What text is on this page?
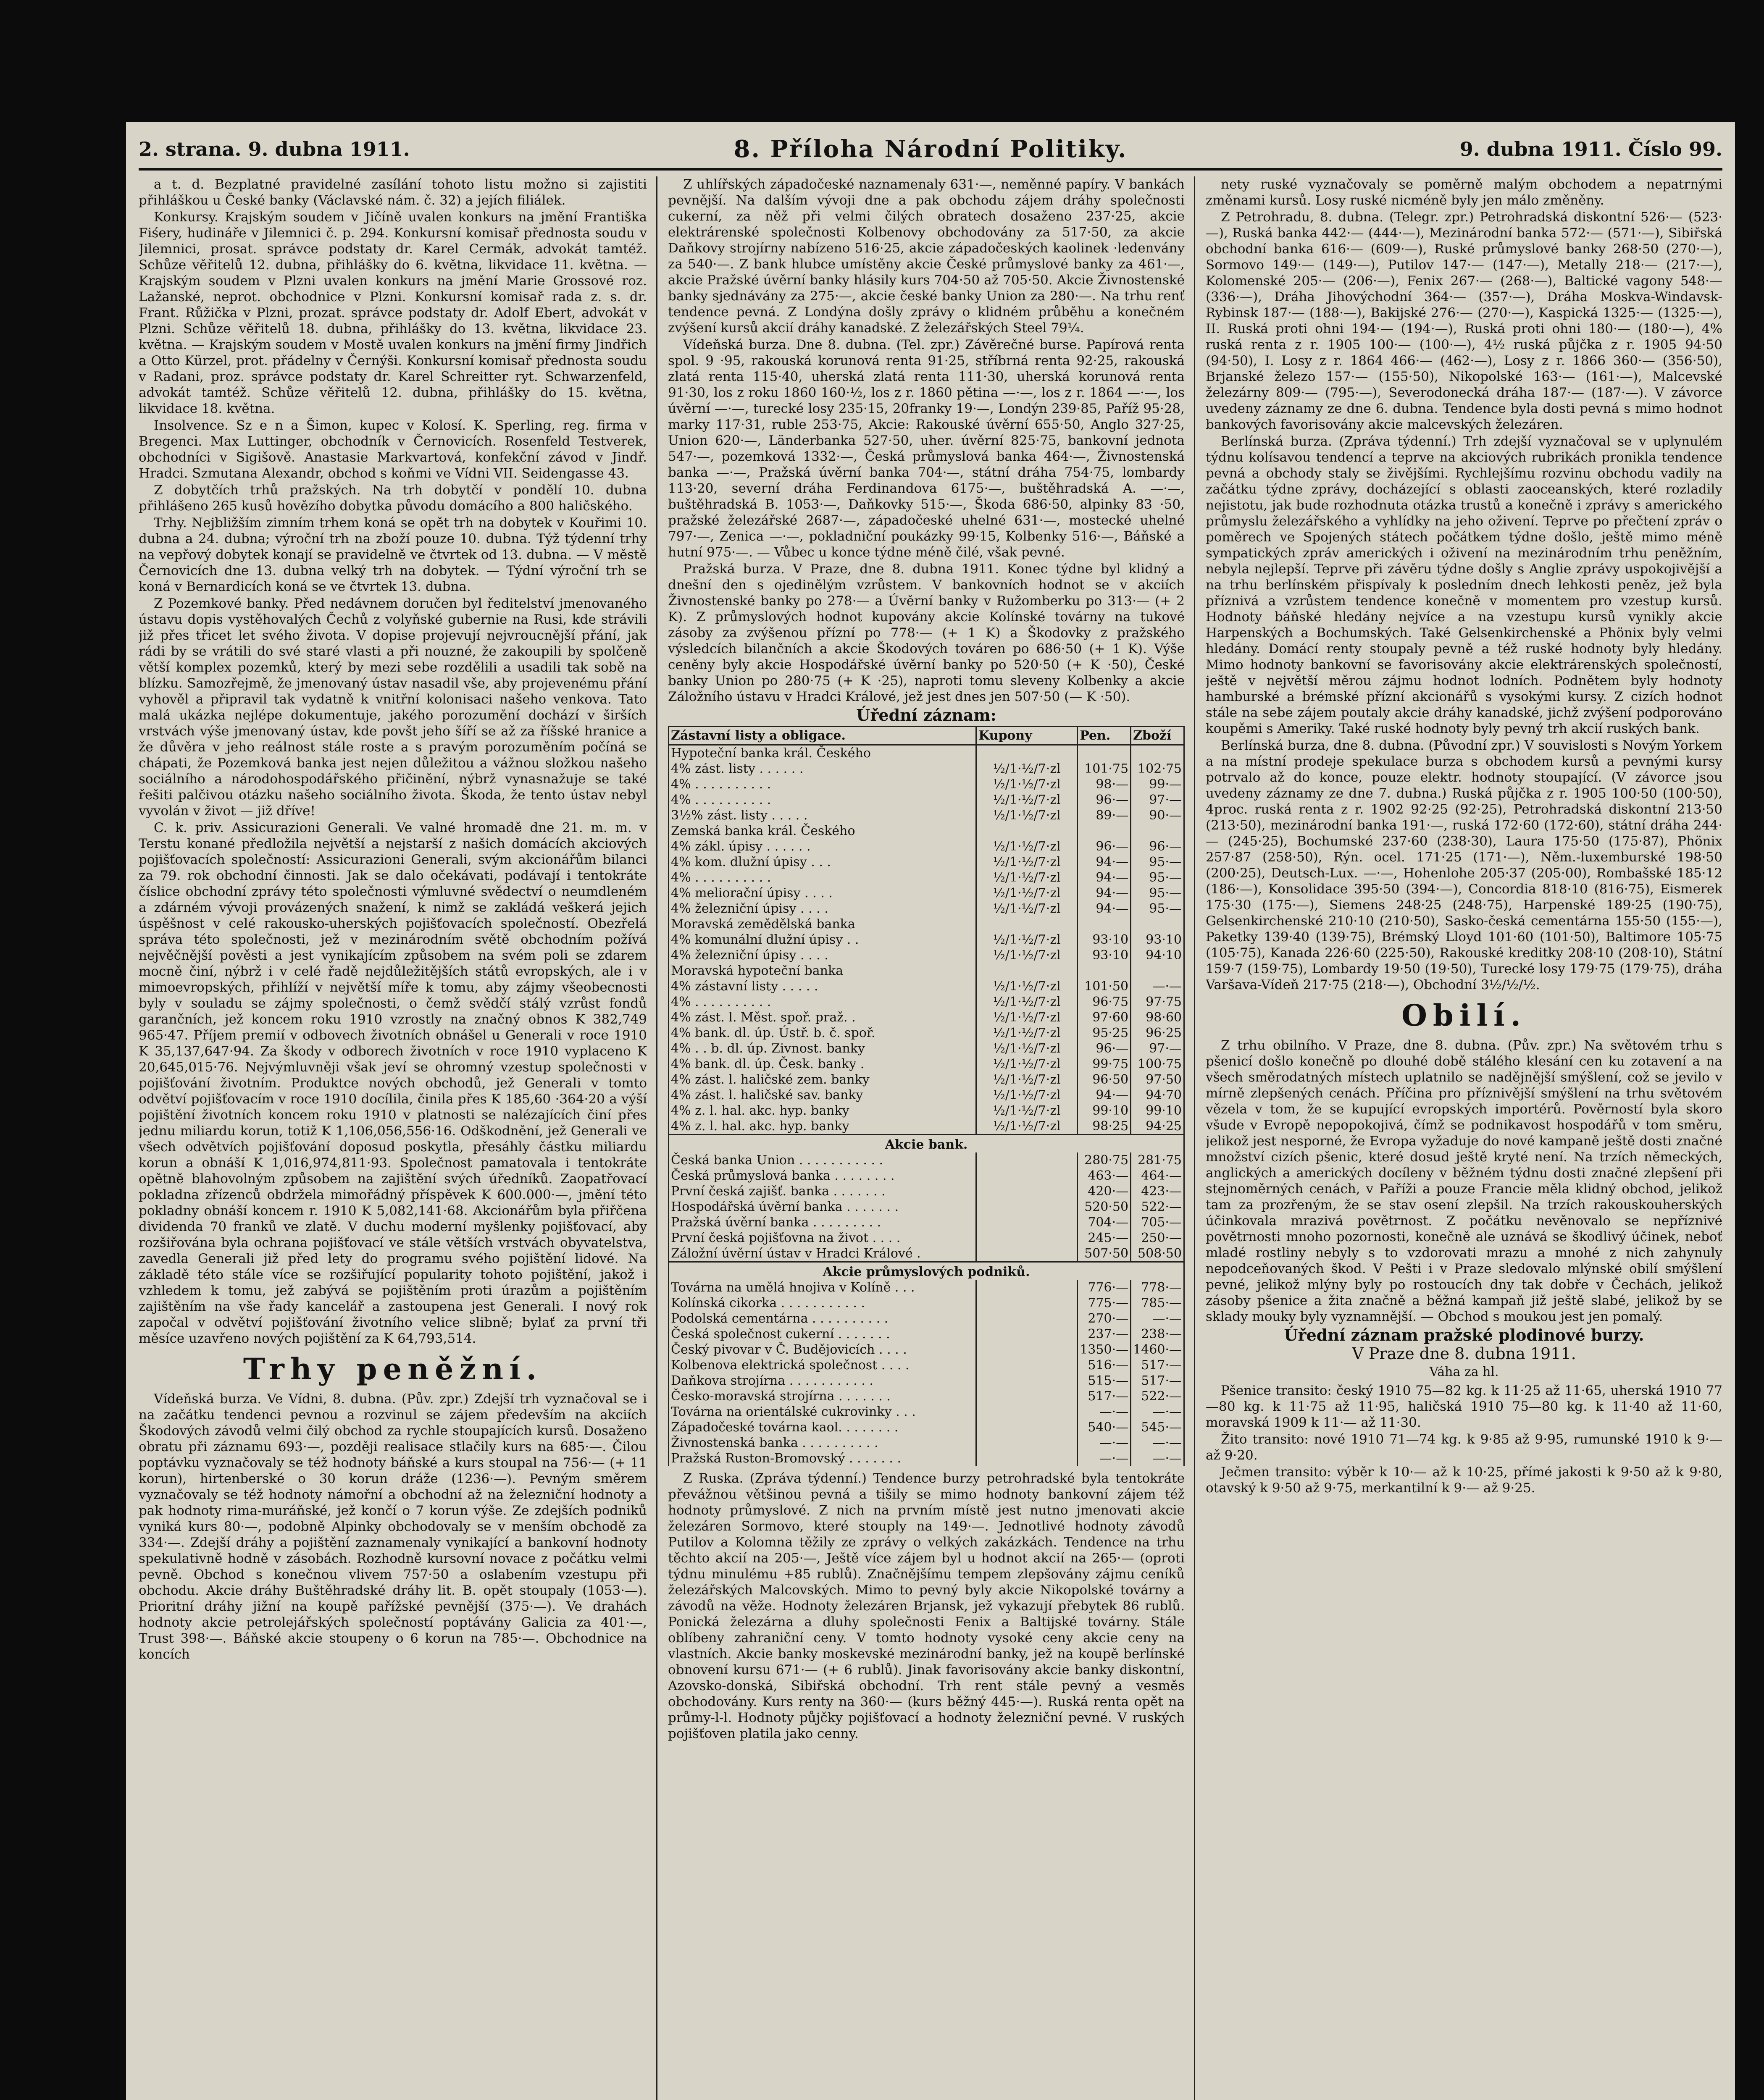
2. strana. 9. dubna 1911.	8. Příloha Národní Politiky.	9. dubna 1911. Číslo 99.

a t. d. Bezplatné pravidelné zasílání tohoto listu možno si zajistiti přihláškou u České banky (Václavské nám. č. 32) a jejích filiálek.

Konkursy. Krajským soudem v Jičíně uvalen konkurs na jmění Františka Fiśery, hudináře v Jilemnici č. p. 294. Konkursní komisař přednosta soudu v Jilemnici, prosat. správce podstaty dr. Karel Cermák, advokát tamtéž. Schůze věřitelů 12. dubna, přihlášky do 6. května, likvidace 11. května. — Krajským soudem v Plzni uvalen konkurs na jmění Marie Grossové roz. Lažanské, neprot. obchodnice v Plzni. Konkursní komisař rada z. s. dr. Frant. Růžička v Plzni, prozat. správce podstaty dr. Adolf Ebert, advokát v Plzni. Schůze věřitelů 18. dubna, přihlášky do 13. května, likvidace 23. května. — Krajským soudem v Mostě uvalen konkurs na jmění firmy Jindřich a Otto Kürzel, prot. přádelny v Černýši. Konkursní komisař přednosta soudu v Radani, proz. správce podstaty dr. Karel Schreitter ryt. Schwarzenfeld, advokát tamtéž. Schůze věřitelů 12. dubna, přihlášky do 15. května, likvidace 18. května.

Insolvence. Sz e n a Šimon, kupec v Kolosí. K. Sperling, reg. firma v Bregenci. Max Luttinger, obchodník v Černovicích. Rosenfeld Testverek, obchodníci v Sigišově. Anastasie Markvartová, konfekční závod v Jindř. Hradci. Szmutana Alexandr, obchod s koňmi ve Vídni VII. Seidengasse 43.

Z dobytčích trhů pražských. Na trh dobytčí v pondělí 10. dubna přihlášeno 265 kusů hovězího dobytka původu domácího a 800 haličského.

Trhy. Nejbližším zimním trhem koná se opět trh na dobytek v Kouřimi 10. dubna a 24. dubna; výroční trh na zboží pouze 10. dubna. Týž týdenní trhy na vepřový dobytek konají se pravidelně ve čtvrtek od 13. dubna. — V městě Černovicích dne 13. dubna velký trh na dobytek. — Týdní výroční trh se koná v Bernardicích koná se ve čtvrtek 13. dubna.

Z Pozemkové banky. Před nedávnem doručen byl ředitelství jmenovaného ústavu dopis vystěhovalých Čechů z volyňské gubernie na Rusi, kde strávili již přes třicet let svého života. V dopise projevují nejvroucnější přání, jak rádi by se vrátili do své staré vlasti a při nouzné, že zakoupili by spolčeně větší komplex pozemků, který by mezi sebe rozdělili a usadili tak sobě na blízku. Samozřejmě, že jmenovaný ústav nasadil vše, aby projevenému přání vyhověl a připravil tak vydatně k vnitřní kolonisaci našeho venkova. Tato malá ukázka nejlépe dokumentuje, jakého porozumění dochází v širších vrstvách výše jmenovaný ústav, kde povšt jeho šíří se až za říšské hranice a že důvěra v jeho reálnost stále roste a s pravým porozuměním počíná se chápati, že Pozemková banka jest nejen důležitou a vážnou složkou našeho sociálního a národohospodářského přičinění, nýbrž vynasnažuje se také řešiti palčivou otázku našeho sociálního života. Škoda, že tento ústav nebyl vyvolán v život — již dříve!

C. k. priv. Assicurazioni Generali. Ve valné hromadě dne 21. m. m. v Terstu konané předložila největší a nejstarší z našich domácích akciových pojišťovacích společností: Assicurazioni Generali, svým akcionářům bilanci za 79. rok obchodní činnosti. Jak se dalo očekávati, podávají i tentokráte číslice obchodní zprávy této společnosti výmluvné svědectví o neumdleném a zdárném vývoji provázených snažení, k nimž se zakládá veškerá jejich úspěšnost v celé rakousko-uherských pojišťovacích společností. Obezřelá správa této společnosti, jež v mezinárodním světě obchodním požívá nejvěčnější pověsti a jest vynikajícím způsobem na svém poli se zdarem mocně činí, nýbrž i v celé řadě nejdůležitějších států evropských, ale i v mimoevropských, přihlíží v největší míře k tomu, aby zájmy všeobecnosti byly v souladu se zájmy společnosti, o čemž svědčí stálý vzrůst fondů garančních, jež koncem roku 1910 vzrostly na značný obnos K 382,749 965·47. Příjem premií v odbovech životních obnášel u Generali v roce 1910 K 35,137,647·94. Za škody v odborech životních v roce 1910 vyplaceno K 20,645,015·76. Nejvýmluvněji však jeví se ohromný vzestup společnosti v pojišťování životním. Produktce nových obchodů, jež Generali v tomto odvětví pojišťovacím v roce 1910 docílila, činila přes K 185,60 ·364·20 a výší pojištění životních koncem roku 1910 v platnosti se nalézajících činí přes jednu miliardu korun, totiž K 1,106,056,556·16. Odškodnění, jež Generali ve všech odvětvích pojišťování doposud poskytla, přesáhly částku miliardu korun a obnáší K 1,016,974,811·93. Společnost pamatovala i tentokráte opětně blahovolným způsobem na zajištění svých úředníků. Zaopatřovací pokladna zřízenců obdržela mimořádný příspěvek K 600.000·—, jmění této pokladny obnáší koncem r. 1910 K 5,082,141·68. Akcionářům byla přiřčena dividenda 70 franků ve zlatě. V duchu moderní myšlenky pojišťovací, aby rozšiřována byla ochrana pojišťovací ve stále větších vrstvách obyvatelstva, zavedla Generali již před lety do programu svého pojištění lidové. Na základě této stále více se rozšiřující popularity tohoto pojištění, jakož i vzhledem k tomu, jež zabývá se pojištěním proti úrazům a pojištěním zajištěním na vše řady kancelář a zastoupena jest Generali. I nový rok započal v odvětví pojišťování životního velice slibně; bylať za první tři měsíce uzavřeno nových pojištění za K 64,793,514.

Trhy peněžní.

Vídeňská burza. Ve Vídni, 8. dubna. (Pův. zpr.) Zdejší trh vyznačoval se i na začátku tendenci pevnou a rozvinul se zájem především na akciích Škodových závodů velmi čilý obchod za rychle stoupajících kursů. Dosaženo obratu při záznamu 693·—, později realisace stlačily kurs na 685·—. Čilou poptávku vyznačovaly se též hodnoty báňské a kurs stoupal na 756·— (+ 11 korun), hirtenberské o 30 korun dráže (1236·—). Pevným směrem vyznačovaly se též hodnoty námořní a obchodní až na železniční hodnoty a pak hodnoty rima-muráňské, jež končí o 7 korun výše. Ze zdejších podniků vyniká kurs 80·—, podobně Alpinky obchodovaly se v menším obchodě za 334·—. Zdejší dráhy a pojištění zaznamenaly vynikající a bankovní hodnoty spekulativně hodně v zásobách. Rozhodně kursovní novace z počátku velmi pevně. Obchod s konečnou vlivem 757·50 a oslabením vzestupu při obchodu. Akcie dráhy Buštěhradské dráhy lit. B. opět stoupaly (1053·—). Prioritní dráhy jižní na koupě pařížské pevnější (375·—). Ve drahách hodnoty akcie petrolejářských společností poptávány Galicia za 401·—, Trust 398·—. Báňské akcie stoupeny o 6 korun na 785·—. Obchodnice na koncích

Z uhlířských západočeské naznamenaly 631·—, neměnné papíry. V bankách pevnější. Na dalším vývoji dne a pak obchodu zájem dráhy společnosti cukerní, za něž při velmi čilých obratech dosaženo 237·25, akcie elektrárenské společnosti Kolbenovy obchodovány za 517·50, za akcie Daňkovy strojírny nabízeno 516·25, akcie západočeských kaolinek ·ledenvány za 540·—. Z bank hlubce umístěny akcie České průmyslové banky za 461·—, akcie Pražské úvěrní banky hlásily kurs 704·50 až 705·50. Akcie Živnostenské banky sjednávány za 275·—, akcie české banky Union za 280·—. Na trhu renť tendence pevná. Z Londýna došly zprávy o klidném průběhu a konečném zvýšení kursů akcií dráhy kanadské. Z železářských Steel 79¼.

Vídeňská burza. Dne 8. dubna. (Tel. zpr.) Závěrečné burse. Papírová renta spol. 9 ·95, rakouská korunová renta 91·25, stříbrná renta 92·25, rakouská zlatá renta 115·40, uherská zlatá renta 111·30, uherská korunová renta 91·30, los z roku 1860 160·½, los z r. 1860 pětina —·—, los z r. 1864 —·—, los úvěrní —·—, turecké losy 235·15, 20franky 19·—, Londýn 239·85, Paříž 95·28, marky 117·31, ruble 253·75, Akcie: Rakouské úvěrní 655·50, Anglo 327·25, Union 620·—, Länderbanka 527·50, uher. úvěrní 825·75, bankovní jednota 547·—, pozemková 1332·—, Česká průmyslová banka 464·—, Živnostenská banka —·—, Pražská úvěrní banka 704·—, státní dráha 754·75, lombardy 113·20, severní dráha Ferdinandova 6175·—, buštěhradská A. —·—, buštěhradská B. 1053·—, Daňkovky 515·—, Škoda 686·50, alpinky 83 ·50, pražské železářské 2687·—, západočeské uhelné 631·—, mostecké uhelné 797·—, Zenica —·—, pokladniční poukázky 99·15, Kolbenky 516·—, Báňské a hutní 975·—. — Vůbec u konce týdne méně čilé, však pevné.

Pražská burza. V Praze, dne 8. dubna 1911. Konec týdne byl klidný a dnešní den s ojedinělým vzrůstem. V bankovních hodnot se v akciích Živnostenské banky po 278·— a Úvěrní banky v Ružomberku po 313·— (+ 2 K). Z průmyslových hodnot kupovány akcie Kolínské továrny na tukové zásoby za zvýšenou přízní po 778·— (+ 1 K) a Škodovky z pražského výsledcích bilančních a akcie Škodových továren po 686·50 (+ 1 K). Výše ceněny byly akcie Hospodářské úvěrní banky po 520·50 (+ K ·50), České banky Union po 280·75 (+ K ·25), naproti tomu sleveny Kolbenky a akcie Záložního ústavu v Hradci Králové, jež jest dnes jen 507·50 (— K ·50).

Úřední záznam:
Zástavní listy a obligace.	Kupony	Pen.	Zboží
Hypoteční banka král. Českého			
4% zást. listy . . . . . .	½/1·½/7·zl	101·75	102·75
4% . . . . . . . . . .	½/1·½/7·zl	98·—	99·—
4% . . . . . . . . . .	½/1·½/7·zl	96·—	97·—
3½% zást. listy . . . . .	½/1·½/7·zl	89·—	90·—
Zemská banka král. Českého			
4% zákl. úpisy . . . . . .	½/1·½/7·zl	96·—	96·—
4% kom. dlužní úpisy . . .	½/1·½/7·zl	94·—	95·—
4% . . . . . . . . . .	½/1·½/7·zl	94·—	95·—
4% meliorační úpisy . . . .	½/1·½/7·zl	94·—	95·—
4% železniční úpisy . . . .	½/1·½/7·zl	94·—	95·—
Moravská zemědělská banka			
4% komunální dlužní úpisy . .	½/1·½/7·zl	93·10	93·10
4% železniční úpisy . . . .	½/1·½/7·zl	93·10	94·10
Moravská hypoteční banka			
4% zástavní listy . . . . .	½/1·½/7·zl	101·50	—·—
4% . . . . . . . . . .	½/1·½/7·zl	96·75	97·75
4% zást. l. Měst. spoř. praž. .	½/1·½/7·zl	97·60	98·60
4% bank. dl. úp. Ústř. b. č. spoř.	½/1·½/7·zl	95·25	96·25
4% . . b. dl. úp. Zivnost. banky	½/1·½/7·zl	96·—	97·—
4% bank. dl. úp. Česk. banky .	½/1·½/7·zl	99·75	100·75
4% zást. l. haličské zem. banky	½/1·½/7·zl	96·50	97·50
4% zást. l. haličské sav. banky	½/1·½/7·zl	94·—	94·70
4% z. l. hal. akc. hyp. banky	½/1·½/7·zl	99·10	99·10
4% z. l. hal. akc. hyp. banky	½/1·½/7·zl	98·25	94·25
Akcie bank.			
Česká banka Union . . . . . . . . . . .		280·75	281·75
Česká průmyslová banka . . . . . . . .		463·—	464·—
První česká zajišť. banka . . . . . . .		420·—	423·—
Hospodářská úvěrní banka . . . . . . .		520·50	522·—
Pražská úvěrní banka . . . . . . . . .		704·—	705·—
První česká pojišťovna na život . . . .		245·—	250·—
Záložní úvěrní ústav v Hradci Králové .		507·50	508·50
Akcie průmyslových podniků.			
Továrna na umělá hnojiva v Kolíně . . .		776·—	778·—
Kolínská cikorka . . . . . . . . . . .		775·—	785·—
Podolská cementárna . . . . . . . . . .		270·—	—·—
Česká společnost cukerní . . . . . . .		237·—	238·—
Český pivovar v Č. Budějovicích . . . .		1350·—	1460·—
Kolbenova elektrická společnost . . . .		516·—	517·—
Daňkova strojírna . . . . . . . . . . .		515·—	517·—
Česko-moravská strojírna . . . . . . .		517·—	522·—
Továrna na orientálské cukrovinky . . .		—·—	—·—
Západočeské továrna kaol. . . . . . . .		540·—	545·—
Živnostenská banka . . . . . . . . . .		—·—	—·—
Pražská Ruston-Bromovský . . . . . . .		—·—	—·—

Z Ruska. (Zpráva týdenní.) Tendence burzy petrohradské byla tentokráte převážnou většinou pevná a tišily se mimo hodnoty bankovní zájem též hodnoty průmyslové. Z nich na prvním místě jest nutno jmenovati akcie železáren Sormovo, které stouply na 149·—. Jednotlivé hodnoty závodů Putilov a Kolomna těžily ze zprávy o velkých zakázkách. Tendence na trhu těchto akcií na 205·—, Ještě více zájem byl u hodnot akcií na 265·— (oproti týdnu minulému +85 rublů). Značnějšímu tempem zlepšovány zájmu ceníků železářských Malcovských. Mimo to pevný byly akcie Nikopolské továrny a závodů na věže. Hodnoty železáren Brjansk, jež vykazují přebytek 86 rublů. Ponická železárna a dluhy společnosti Fenix a Baltijské továrny. Stále oblíbeny zahraniční ceny. V tomto hodnoty vysoké ceny akcie ceny na vlastních. Akcie banky moskevské mezinárodní banky, jež na koupě berlínské obnovení kursu 671·— (+ 6 rublů). Jinak favorisovány akcie banky diskontní, Azovsko-donská, Sibiřská obchodní. Trh rent stále pevný a vesměs obchodovány. Kurs renty na 360·— (kurs běžný 445·—). Ruská renta opět na průmy-l-l. Hodnoty půjčky pojišťovací a hodnoty železniční pevné. V ruských pojišťoven platila jako cenny.

nety ruské vyznačovaly se poměrně malým obchodem a nepatrnými změnami kursů. Losy ruské nicméně byly jen málo změněny.

Z Petrohradu, 8. dubna. (Telegr. zpr.) Petrohradská diskontní 526·— (523·—), Ruská banka 442·— (444·—), Mezinárodní banka 572·— (571·—), Sibiřská obchodní banka 616·— (609·—), Ruské průmyslové banky 268·50 (270·—), Sormovo 149·— (149·—), Putilov 147·— (147·—), Metally 218·— (217·—), Kolomenské 205·— (206·—), Fenix 267·— (268·—), Baltické vagony 548·— (336·—), Dráha Jihovýchodní 364·— (357·—), Dráha Moskva-Windavsk-Rybinsk 187·— (188·—), Bakijské 276·— (270·—), Kaspická 1325·— (1325·—), II. Ruská proti ohni 194·— (194·—), Ruská proti ohni 180·— (180·—), 4% ruská renta z r. 1905 100·— (100·—), 4½ ruská půjčka z r. 1905 94·50 (94·50), I. Losy z r. 1864 466·— (462·—), Losy z r. 1866 360·— (356·50), Brjanské železo 157·— (155·50), Nikopolské 163·— (161·—), Malcevské železárny 809·— (795·—), Severodonecká dráha 187·— (187·—). V závorce uvedeny záznamy ze dne 6. dubna. Tendence byla dosti pevná s mimo hodnot bankových favorisovány akcie malcevských železáren.

Berlínská burza. (Zpráva týdenní.) Trh zdejší vyznačoval se v uplynulém týdnu kolísavou tendencí a teprve na akciových rubrikách pronikla tendence pevná a obchody staly se živějšími. Rychlejšímu rozvinu obchodu vadily na začátku týdne zprávy, docházející s oblasti zaoceanských, které rozladily nejistotu, jak bude rozhodnuta otázka trustů a konečně i zprávy s amerického průmyslu železářského a vyhlídky na jeho oživení. Teprve po přečtení zpráv o poměrech ve Spojených státech počátkem týdne došlo, ještě mimo méně sympatických zpráv amerických i oživení na mezinárodním trhu peněžním, nebyla nejlepší. Teprve při závěru týdne došly s Anglie zprávy uspokojivější a na trhu berlínském přispívaly k posledním dnech lehkosti peněz, jež byla příznivá a vzrůstem tendence konečně v momentem pro vzestup kursů. Hodnoty báňské hledány nejvíce a na vzestupu kursů vynikly akcie Harpenských a Bochumských. Také Gelsenkirchenské a Phönix byly velmi hledány. Domácí renty stoupaly pevně a též ruské hodnoty byly hledány. Mimo hodnoty bankovní se favorisovány akcie elektrárenských společností, ještě v největší měrou zájmu hodnot lodních. Podnětem byly hodnoty hamburské a brémské přízní akcionářů s vysokými kursy. Z cizích hodnot stále na sebe zájem poutaly akcie dráhy kanadské, jichž zvýšení podporováno koupěmi s Ameriky. Také ruské hodnoty byly pevný trh akcií ruských bank.

Berlínská burza, dne 8. dubna. (Původní zpr.) V souvislosti s Novým Yorkem a na místní prodeje spekulace burza s obchodem kursů a pevnými kursy potrvalo až do konce, pouze elektr. hodnoty stoupající. (V závorce jsou uvedeny záznamy ze dne 7. dubna.) Ruská půjčka z r. 1905 100·50 (100·50), 4proc. ruská renta z r. 1902 92·25 (92·25), Petrohradská diskontní 213·50 (213·50), mezinárodní banka 191·—, ruská 172·60 (172·60), státní dráha 244·— (245·25), Bochumské 237·60 (238·30), Laura 175·50 (175·87), Phönix 257·87 (258·50), Rýn. ocel. 171·25 (171·—), Něm.-luxemburské 198·50 (200·25), Deutsch-Lux. —·—, Hohenlohe 205·37 (205·00), Rombašské 185·12 (186·—), Konsolidace 395·50 (394·—), Concordia 818·10 (816·75), Eismerek 175·30 (175·—), Siemens 248·25 (248·75), Harpenské 189·25 (190·75), Gelsenkirchenské 210·10 (210·50), Sasko-česká cementárna 155·50 (155·—), Paketky 139·40 (139·75), Brémský Lloyd 101·60 (101·50), Baltimore 105·75 (105·75), Kanada 226·60 (225·50), Rakouské kreditky 208·10 (208·10), Státní 159·7 (159·75), Lombardy 19·50 (19·50), Turecké losy 179·75 (179·75), dráha Varšava-Vídeň 217·75 (218·—), Obchodní 3½/½/½.

Obilí.

Z trhu obilního. V Praze, dne 8. dubna. (Pův. zpr.) Na světovém trhu s pšenicí došlo konečně po dlouhé době stálého klesání cen ku zotavení a na všech směrodatných místech uplatnilo se nadějnější smýšlení, což se jevilo v mírně zlepšených cenách. Příčina pro příznivější smýšlení na trhu světovém vězela v tom, že se kupující evropských importérů. Pověrností byla skoro všude v Evropě nepopokojivá, čímž se podnikavost hospodářů v tom směru, jelikož jest nesporné, že Evropa vyžaduje do nové kampaně ještě dosti značné množství cizích pšenic, které dosud ještě kryté není. Na trzích německých, anglických a amerických docíleny v běžném týdnu dosti značné zlepšení při stejnoměrných cenách, v Paříži a pouze Francie měla klidný obchod, jelikož tam za prozřeným, že se stav osení zlepšil. Na trzích rakouskouherských účinkovala mrazivá povětrnost. Z počátku nevěnovalo se nepříznivé povětrnosti mnoho pozornosti, konečně ale uznává se škodlivý účinek, neboť mladé rostliny nebyly s to vzdorovati mrazu a mnohé z nich zahynuly nepodceňovaných škod. V Pešti i v Praze sledovalo mlýnské obilí smýšlení pevné, jelikož mlýny byly po rostoucích dny tak dobře v Čechách, jelikož zásoby pšenice a žita značně a běžná kampaň již ještě slabé, jelikož by se sklady mouky byly vyznamnější. — Obchod s moukou jest jen pomalý.

Úřední záznam pražské plodinové burzy.
V Praze dne 8. dubna 1911.
Váha za hl.

Pšenice transito: český 1910 75—82 kg. k 11·25 až 11·65, uherská 1910 77—80 kg. k 11·75 až 11·95, haličská 1910 75—80 kg. k 11·40 až 11·60, moravská 1909 k 11·— až 11·30.

Žito transito: nové 1910 71—74 kg. k 9·85 až 9·95, rumunské 1910 k 9·— až 9·20.

Ječmen transito: výběr k 10·— až k 10·25, přímé jakosti k 9·50 až k 9·80, otavský k 9·50 až 9·75, merkantilní k 9·— až 9·25.
